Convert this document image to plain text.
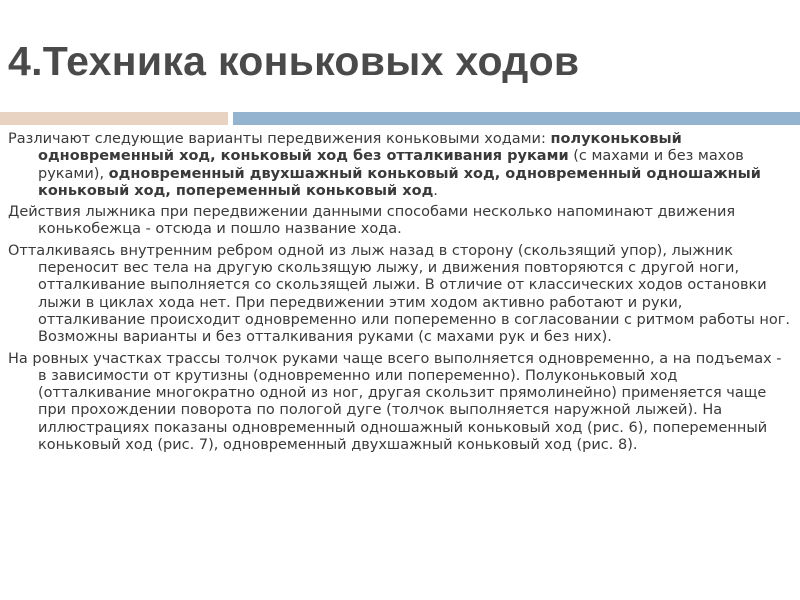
4.Техника коньковых ходов

Различают следующие варианты передвижения коньковыми ходами: полуконьковый одновременный ход, коньковый ход без отталкивания руками (с махами и без махов руками), одновременный двухшажный коньковый ход, одновременный одношажный коньковый ход, попеременный коньковый ход.

Действия лыжника при передвижении данными способами несколько напоминают движения конькобежца - отсюда и пошло название хода.

Отталкиваясь внутренним ребром одной из лыж назад в сторону (скользящий упор), лыжник переносит вес тела на другую скользящую лыжу, и движения повторяются с другой ноги, отталкивание выполняется со скользящей лыжи. В отличие от классических ходов остановки лыжи в циклах хода нет. При передвижении этим ходом активно работают и руки, отталкивание происходит одновременно или попеременно в согласовании с ритмом работы ног. Возможны варианты и без отталкивания руками (с махами рук и без них).

На ровных участках трассы толчок руками чаще всего выполняется одновременно, а на подъемах - в зависимости от крутизны (одновременно или попеременно). Полуконьковый ход (отталкивание многократно одной из ног, другая скользит прямолинейно) применяется чаще при прохождении поворота по пологой дуге (толчок выполняется наружной лыжей). На иллюстрациях показаны одновременный одношажный коньковый ход (рис. 6), попеременный коньковый ход (рис. 7), одновременный двухшажный коньковый ход (рис. 8).
